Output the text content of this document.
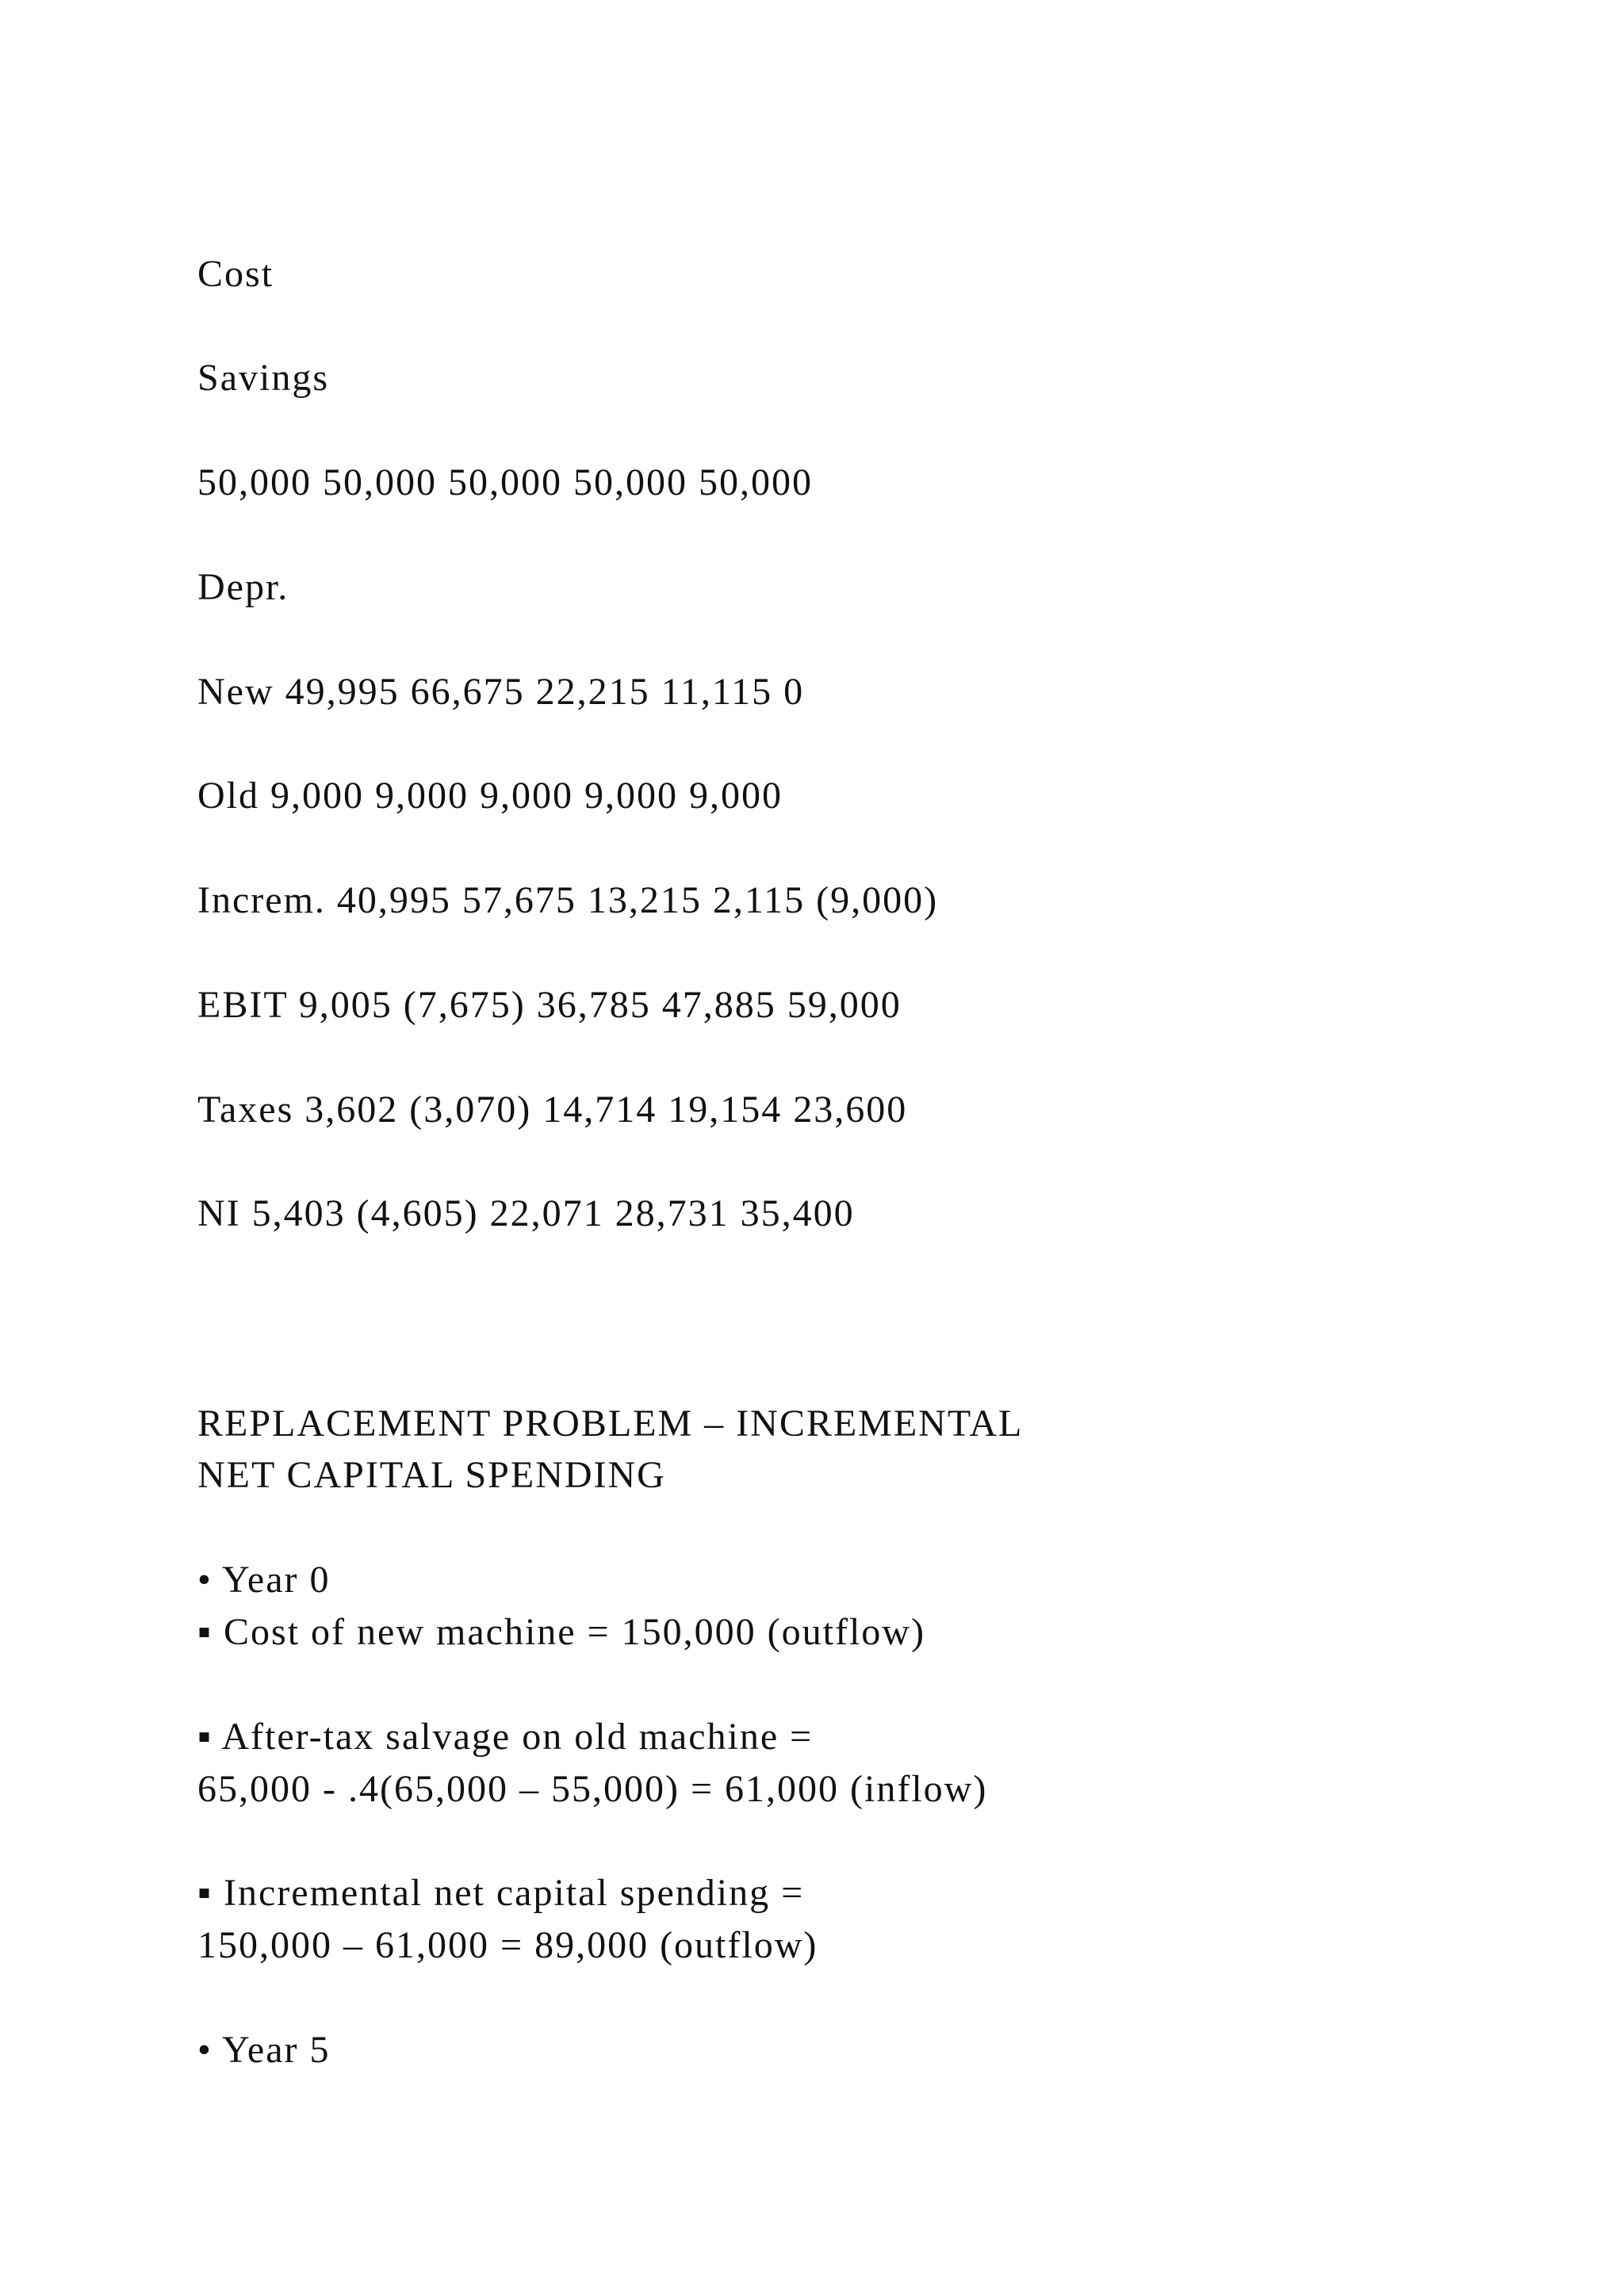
Cost
Savings
50,000 50,000 50,000 50,000 50,000
Depr.
New 49,995 66,675 22,215 11,115 0
Old 9,000 9,000 9,000 9,000 9,000
Increm. 40,995 57,675 13,215 2,115 (9,000)
EBIT 9,005 (7,675) 36,785 47,885 59,000
Taxes 3,602 (3,070) 14,714 19,154 23,600
NI 5,403 (4,605) 22,071 28,731 35,400
REPLACEMENT PROBLEM – INCREMENTAL
NET CAPITAL SPENDING
• Year 0
▪ Cost of new machine = 150,000 (outflow)
▪ After-tax salvage on old machine =
65,000 - .4(65,000 – 55,000) = 61,000 (inflow)
▪ Incremental net capital spending =
150,000 – 61,000 = 89,000 (outflow)
• Year 5
